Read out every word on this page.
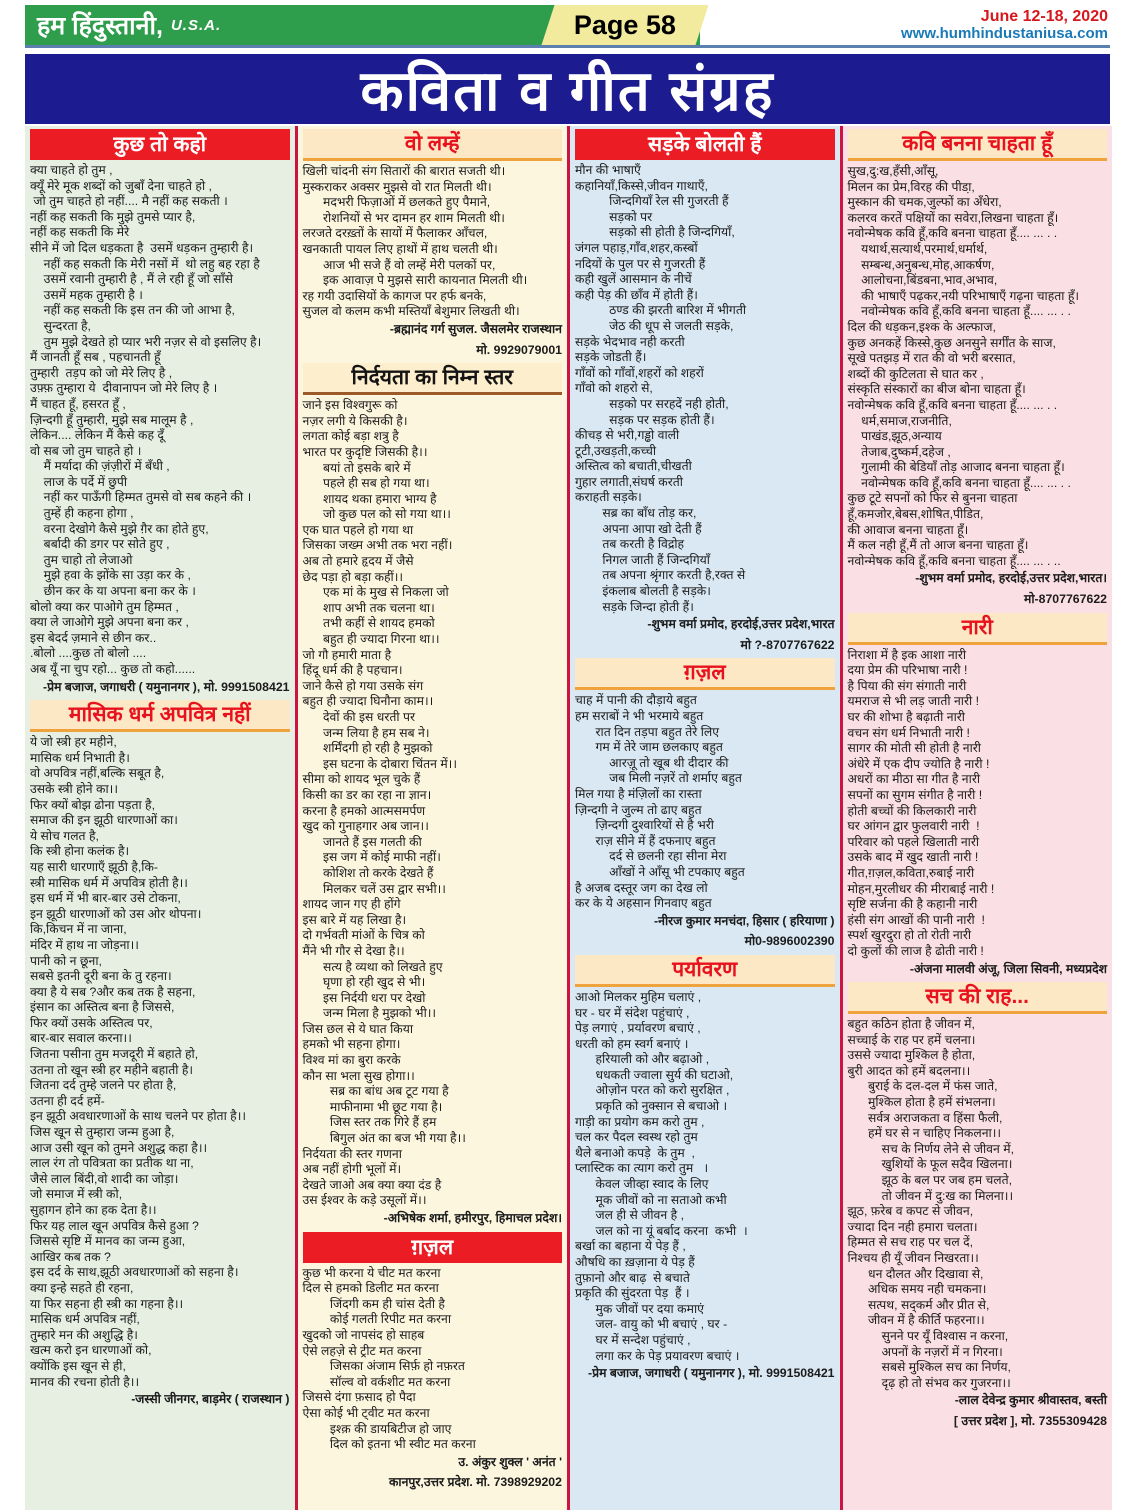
हम हिंदुस्तानी, U.S.A.	Page 58	June 12-18, 2020
www.humhindustaniusa.com
कविता व गीत संग्रह
कुछ तो कहो
क्या चाहते हो तुम ,
क्यूँ मेरे मूक शब्दों को जुबाँ देना चाहते हो ,
जो तुम चाहते हो नहीं.... मै नहीं कह सकती ।
नहीं कह सकती कि मुझे तुमसे प्यार है,
नहीं कह सकती कि मेरे
सीने में जो दिल धड़कता है  उसमें धड़कन तुम्हारी है।
नहीं कह सकती कि मेरी नसों में  थो लहु बह रहा है
उसमें रवानी तुम्हारी है , मैं ले रही हूँ जो साँसे
उसमें महक तुम्हारी है ।
नहीं कह सकती कि इस तन की जो आभा है,
सुन्दरता है,
तुम मुझे देखते हो प्यार भरी नज़र से वो इसलिए है।
मैं जानती हूँ सब , पहचानती हूँ
तुम्हारी  तड़प को जो मेरे लिए है ,
उफ़्फ़ तुम्हारा ये  दीवानापन जो मेरे लिए है ।
मैं चाहत हूँ, हसरत हूँ ,
ज़िन्दगी हूँ तुम्हारी, मुझे सब मालूम है ,
लेकिन.... लेकिन मैं कैसे कह दूँ
वो सब जो तुम चाहते हो ।
मैं मर्यादा की ज़ंज़ीरों में बँधी ,
लाज के पर्दे में छुपी
नहीं कर पाऊँगी हिम्मत तुमसे वो सब कहने की ।
तुम्हें ही कहना होगा ,
वरना देखोगे कैसे मुझे ग़ैर का होते हुए,
बर्बादी की डगर पर सोते हुए ,
तुम चाहो तो लेजाओ
मुझे हवा के झोंके सा उड़ा कर के ,
छीन कर के या अपना बना कर के ।
बोलो क्या कर पाओगे तुम हिम्मत ,
क्या ले जाओगे मुझे अपना बना कर ,
इस बेदर्द ज़माने से छीन कर..
.बोलो ....कुछ तो बोलो ....
अब यूँ ना चुप रहो... कुछ तो कहो......
-प्रेम बजाज, जगाधरी ( यमुनानगर ), मो. 9991508421
मासिक धर्म अपवित्र नहीं
ये जो स्त्री हर महीने,
मासिक धर्म निभाती है।
वो अपवित्र नहीं,बल्कि सबूत है,
उसके स्त्री होने का।।
फिर क्यों बोझ ढोना पड़ता है,
समाज की इन झूठी धारणाओं का।
ये सोच गलत है,
कि स्त्री होना कलंक है।
यह सारी धारणाएँ झूठी है,कि-
स्त्री मासिक धर्म में अपवित्र होती है।।
इस धर्म में भी बार-बार उसे टोकना,
इन झूठी धारणाओं को उस ओर थोपना।
कि,किचन में ना जाना,
मंदिर में हाथ ना जोड़ना।।
पानी को न छूना,
सबसे इतनी दूरी बना के तु रहना।
क्या है ये सब ?और कब तक है सहना,
इंसान का अस्तित्व बना है जिससे,
फिर क्यों उसके अस्तित्व पर,
बार-बार सवाल करना।।
जितना पसीना तुम मजदूरी में बहाते हो,
उतना तो खून स्त्री हर महीने बहाती है।
जितना दर्द तुम्हे जलने पर होता है,
उतना ही दर्द हमें-
इन झूठी अवधारणाओं के साथ चलने पर होता है।।
जिस खून से तुम्हारा जन्म हुआ है,
आज उसी खून को तुमने अशुद्ध कहा है।।
लाल रंग तो पवित्रता का प्रतीक था ना,
जैसे लाल बिंदी,वो शादी का जोड़ा।
जो समाज में स्त्री को,
सुहागन होने का हक देता है।।
फिर यह लाल खून अपवित्र कैसे हुआ ?
जिससे सृष्टि में मानव का जन्म हुआ,
आखिर कब तक ?
इस दर्द के साथ,झूठी अवधारणाओं को सहना है।
क्या इन्हे सहते ही रहना,
या फिर सहना ही स्त्री का गहना है।।
मासिक धर्म अपवित्र नहीं,
तुम्हारे मन की अशुद्धि है।
खत्म करो इन धारणाओं को,
क्योंकि इस खून से ही,
मानव की रचना होती है।।
-जस्सी जीनगर, बाड़मेर ( राजस्थान )
वो लम्हें
खिली चांदनी संग सितारों की बारात सजती थी।
मुस्कराकर अक्सर मुझसे वो रात मिलती थी।
मदभरी फिज़ाओं में छलकते हुए पैमाने,
रोशनियों से भर दामन हर शाम मिलती थी।
लरजते दरख़्तों के सायों में फैलाकर आँचल,
खनकाती पायल लिए हाथों में हाथ चलती थी।
आज भी सजे हैं वो लम्हें मेरी पलकों पर,
इक आवाज़ पे मुझसे सारी कायनात मिलती थी।
रह गयी उदासियों के कागज पर हर्फ बनके,
सुजल वो कलम कभी मस्तियाँ बेशुमार लिखती थी।
-ब्रह्मानंद गर्ग सुजल. जैसलमेर राजस्थान
मो. 9929079001
निर्दयता का निम्न स्तर
जाने इस विश्वगुरू को
नज़र लगी ये किसकी है।
लगता कोई बड़ा शत्रु है
भारत पर कुदृष्टि जिसकी है।।
बयां तो इसके बारे में
पहले ही सब हो गया था।
शायद थका हमारा भाग्य है
जो कुछ पल को सो गया था।।
एक घात पहले हो गया था
जिसका जख्म अभी तक भरा नहीं।
अब तो हमारे हृदय में जैसे
छेद पड़ा हो बड़ा कहीं।।
एक मां के मुख से निकला जो
शाप अभी तक चलना था।
तभी कहीं से शायद हमको
बहुत ही ज्यादा गिरना था।।
जो गौ हमारी माता है
हिंदू धर्म की है पहचान।
जाने कैसे हो गया उसके संग
बहुत ही ज्यादा घिनौना काम।।
देवों की इस धरती पर
जन्म लिया है हम सब ने।
शर्मिंदगी हो रही है मुझको
इस घटना के दोबारा चिंतन में।।
सीमा को शायद भूल चुके हैं
किसी का डर का रहा ना ज्ञान।
करना है हमको आत्मसमर्पण
खुद को गुनाहगार अब जान।।
जानते हैं इस गलती की
इस जग में कोई माफी नहीं।
कोशिश तो करके देखते हैं
मिलकर चलें उस द्वार सभी।।
शायद जान गए ही होंगे
इस बारे में यह लिखा है।
दो गर्भवती मांओं के चित्र को
मैंने भी गौर से देखा है।।
सत्य है व्यथा को लिखते हुए
घृणा हो रही खुद से भी।
इस निर्दयी धरा पर देखो
जन्म मिला है मुझको भी।।
जिस छल से ये घात किया
हमको भी सहना होगा।
विश्व मां का बुरा करके
कौन सा भला सुख होगा।।
सब्र का बांध अब टूट गया है
माफीनामा भी छूट गया है।
जिस स्तर तक गिरे हैं हम
बिगुल अंत का बज भी गया है।।
निर्दयता की स्तर गणना
अब नहीं होगी भूलों में।
देखते जाओ अब क्या क्या दंड है
उस ईश्वर के कड़े उसूलों में।।
-अभिषेक शर्मा, हमीरपुर, हिमाचल प्रदेश।
ग़ज़ल
कुछ भी करना ये चीट मत करना
दिल से हमको डिलीट मत करना
जिंदगी कम ही चांस देती है
कोई गलती रिपीट मत करना
खुदको जो नापसंद हो साहब
ऐसे लहज़े से ट्रीट मत करना
जिसका अंजाम सिर्फ़ हो नफ़रत
सॉल्व वो वर्कशीट मत करना
जिससे दंगा फ़साद हो पैदा
ऐसा कोई भी ट्वीट मत करना
इश्क़ की डायबिटीज हो जाए
दिल को इतना भी स्वीट मत करना
उ. अंकुर शुक्ल ' अनंत '
कानपुर,उत्तर प्रदेश. मो. 7398929202
सड़के बोलती हैं
मौन की भाषाएँ
कहानियाँ,किस्से,जीवन गाथाएँ,
जिन्दगियाँ रेल सी गुजरती हैं
सड़को पर
सड़को सी होती है जिन्दगियाँ,
जंगल पहाड़,गाँव,शहर,कस्बों
नदियों के पुल पर से गुजरती हैं
कही खुलें आसमान के नीचें
कही पेड़ की छाँव में होती हैं।
ठण्ड की झरती बारिश में भीगती
जेठ की धूप से जलती सड़के,
सड़के भेदभाव नही करती
सड़के जोडती हैं।
गाँवों को गाँवों,शहरों को शहरों
गाँवो को शहरो से,
सड़को पर सरहदें नही होती,
सड़क पर सड़क होती हैं।
कीचड़ से भरी,गड्ढो वाली
टूटी,उखड़ती,कच्ची
अस्तित्व को बचाती,चीखती
गुहार लगाती,संघर्ष करती
कराहती सड़के।
सब्र का बाँध तोड़ कर,
अपना आपा खो देती हैं
तब करती है विद्रोह
निगल जाती हैं जिन्दगियाँ
तब अपना श्रृंगार करती है,रक्त से
इंकलाब बोलती है सड़के।
सड़के जिन्दा होती हैं।
-शुभम वर्मा प्रमोद, हरदोई,उत्तर प्रदेश,भारत
मो ?-8707767622
ग़ज़ल
चाह में पानी की दौड़ाये बहुत
हम सराबों ने भी भरमाये बहुत
रात दिन तड़पा बहुत तेरे लिए
गम में तेरे जाम छलकाए बहुत
आरज़ू तो खूब थी दीदार की
जब मिली नज़रें तो शर्माए बहुत
मिल गया है मंज़िलों का रास्ता
ज़िन्दगी ने जुल्म तो ढाए बहुत
ज़िन्दगी दुश्वारियों से है भरी
राज़ सीने में हैं दफनाए बहुत
दर्द से छलनी रहा सीना मेरा
आँखों ने आँसू भी टपकाए बहुत
है अजब दस्तूर जग का देख लो
कर के ये अहसान गिनवाए बहुत
-नीरज कुमार मनचंदा, हिसार ( हरियाणा )
मो0-9896002390
पर्यावरण
आओ मिलकर मुहिम चलाएं ,
घर - घर में संदेश पहुंचाएं ,
पेड़ लगाएं , प्रर्यावरण बचाएं ,
धरती को हम स्वर्ग बनाएं ।
हरियाली को और बढ़ाओ ,
धधकती ज्वाला सुर्य की घटाओ,
ओज़ोन परत को करो सुरक्षित ,
प्रकृति को नुक्सान से बचाओ ।
गाड़ी का प्रयोग कम करो तुम ,
चल कर पैदल स्वस्थ रहो तुम
थैले बनाओ कपड़े  के तुम  ,
प्लास्टिक का त्याग करो तुम   ।
केवल जीव्हा स्वाद के लिए
मूक जीवों को ना सताओ कभी
जल ही से जीवन है ,
जल को ना यूं बर्बाद करना  कभी  ।
बर्खा का बहाना ये पेड़ हैं ,
औषधि का ख़ज़ाना ये पेड़ हैं
तुफ़ानो और बाढ़  से बचाते
प्रकृति की सुंदरता पेड़  हैं ।
मुक जीवों पर दया कमाएं
जल- वायु को भी बचाएं , घर -
घर में सन्देश पहुंचाएं ,
लगा कर के पेड़ प्रयावरण बचाएं ।
-प्रेम बजाज, जगाधरी ( यमुनानगर ), मो. 9991508421
कवि बनना चाहता हूँ
सुख,दु:ख,हँसी,आँसू,
मिलन का प्रेम,विरह की पीडा़,
मुस्कान की चमक,जुल्फों का अँधेरा,
कलरव करतें पक्षियों का सवेरा,लिखना चाहता हूँ।
नवोन्मेषक कवि हूँ,कवि बनना चाहता हूँ.... ... . .
यथार्थ,सत्यार्थ,परमार्थ,धर्मार्थ,
सम्बन्ध,अनुबन्ध,मोह,आकर्षण,
आलोचना,बिंडबना,भाव,अभाव,
की भाषाएँ पढ़कर,नयी परिभाषाएँ गढ़ना चाहता हूँ।
नवोन्मेषक कवि हूँ,कवि बनना चाहता हूँ.... ... . .
दिल की धड़कन,इश्क के अल्फाज,
कुछ अनकहें किस्से,कुछ अनसुने सर्गींत के साज,
सूखे पतझड़ में रात की वो भरी बरसात,
शब्दों की कुटिलता से घात कर ,
संस्कृति संस्कारों का बीज बोना चाहता हूँ।
नवोन्मेषक कवि हूँ,कवि बनना चाहता हूँ.... ... . .
धर्म,समाज,राजनीति,
पाखंड,झूठ,अन्याय
तेजाब,दुष्कर्म,दहेज ,
गुलामी की बेडियाँ तोड़ आजाद बनना चाहता हूँ।
नवोन्मेषक कवि हूँ,कवि बनना चाहता हूँ.... ... . .
कुछ टूटे सपनों को फिर से बुनना चाहता
हूँ,कमजोर,बेबस,शोषित,पीडित,
की आवाज बनना चाहता हूँ।
मैं कल नही हूँ,मैं तो आज बनना चाहता हूँ।
नवोन्मेषक कवि हूँ,कवि बनना चाहता हूँ.... ... . ..
-शुभम वर्मा प्रमोद, हरदोई,उत्तर प्रदेश,भारत।
मो-8707767622
नारी
निराशा में है इक आशा नारी
दया प्रेम की परिभाषा नारी !
है पिया की संग संगाती नारी
यमराज से भी लड़ जाती नारी !
घर की शोभा है बढ़ाती नारी
वचन संग धर्म निभाती नारी !
सागर की मोती सी होती है नारी
अंधेरे में एक दीप ज्योति है नारी !
अधरों का मीठा सा गीत है नारी
सपनों का सुगम संगीत है नारी !
होती बच्चों की किलकारी नारी
घर आंगन द्वार फुलवारी नारी  !
परिवार को पहले खिलाती नारी
उसके बाद में खुद खाती नारी !
गीत,ग़ज़ल,कविता,रुबाई नारी
मोहन,मुरलीधर की मीराबाई नारी !
सृष्टि सर्जना की है कहानी नारी
हंसी संग आखों की पानी नारी  !
स्पर्श खुरदुरा हो तो रोती नारी
दो कुलों की लाज है ढोती नारी !
-अंजना मालवी अंजू, जिला सिवनी, मध्यप्रदेश
सच की राह...
बहुत कठिन होता है जीवन में,
सच्चाई के राह पर हमें चलना।
उससे ज्यादा मुश्किल है होता,
बुरी आदत को हमें बदलना।।
बुराई के दल-दल में फंस जाते,
मुश्किल होता है हमें संभलना।
सर्वत्र अराजकता व हिंसा फैली,
हमें घर से न चाहिए निकलना।।
सच के निर्णय लेने से जीवन में,
खुशियों के फूल सदैव खिलना।
झूठ के बल पर जब हम चलते,
तो जीवन में दु:ख का मिलना।।
झूठ, फ़रेब व कपट से जीवन,
ज्यादा दिन नही हमारा चलता।
हिम्मत से सच राह पर चल दें,
निश्चय ही यूँ जीवन निखरता।।
धन दौलत और दिखावा से,
अधिक समय नही चमकना।
सत्पथ, सद्कर्म और प्रीत से,
जीवन में है कीर्ति फहरना।।
सुनने पर यूँ विश्वास न करना,
अपनों के नज़रों में न गिरना।
सबसे मुश्किल सच का निर्णय,
दृढ़ हो तो संभव कर गुजरना।।
-लाल देवेन्द्र कुमार श्रीवास्तव, बस्ती
[ उत्तर प्रदेश ], मो. 7355309428
